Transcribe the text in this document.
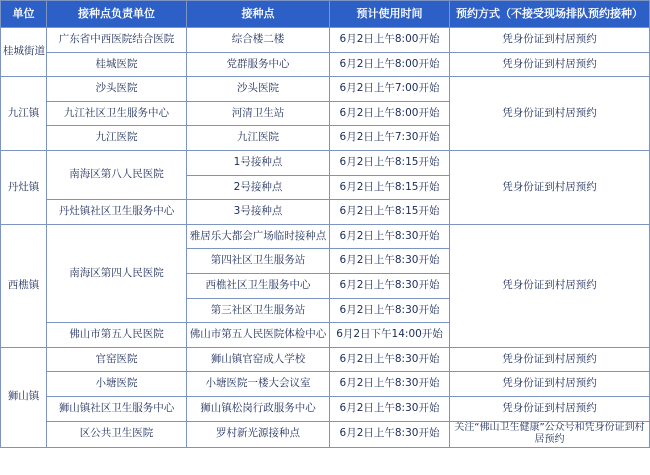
单位	接种点负责单位	接种点	预计使用时间	预约方式（不接受现场排队预约接种）
桂城街道	广东省中西医院结合医院	综合楼二楼	6月2日上午8:00开始	凭身份证到村居预约
	桂城医院	党群服务中心	6月2日上午8:00开始	凭身份证到村居预约
九江镇	沙头医院	沙头医院	6月2日上午7:00开始	凭身份证到村居预约
	九江社区卫生服务中心	河清卫生站	6月2日上午8:00开始	
	九江医院	九江医院	6月2日上午7:30开始	
丹灶镇	南海区第八人民医院	1号接种点	6月2日上午8:15开始	凭身份证到村居预约
		2号接种点	6月2日上午8:15开始	
	丹灶镇社区卫生服务中心	3号接种点	6月2日上午8:15开始	
西樵镇	南海区第四人民医院	雅居乐大都会广场临时接种点	6月2日上午8:30开始	凭身份证到村居预约
		第四社区卫生服务站	6月2日上午8:30开始	
		西樵社区卫生服务中心	6月2日上午8:30开始	
		第三社区卫生服务站	6月2日上午8:30开始	
	佛山市第五人民医院	佛山市第五人民医院体检中心	6月2日下午14:00开始	
狮山镇	官窑医院	狮山镇官窑成人学校	6月2日上午8:30开始	凭身份证到村居预约
	小塘医院	小塘医院一楼大会议室	6月2日上午8:30开始	凭身份证到村居预约
	狮山镇社区卫生服务中心	狮山镇松岗行政服务中心	6月2日上午8:30开始	凭身份证到村居预约
	区公共卫生医院	罗村新光源接种点	6月2日上午8:30开始	关注“佛山卫生健康”公众号和凭身份证到村居预约
